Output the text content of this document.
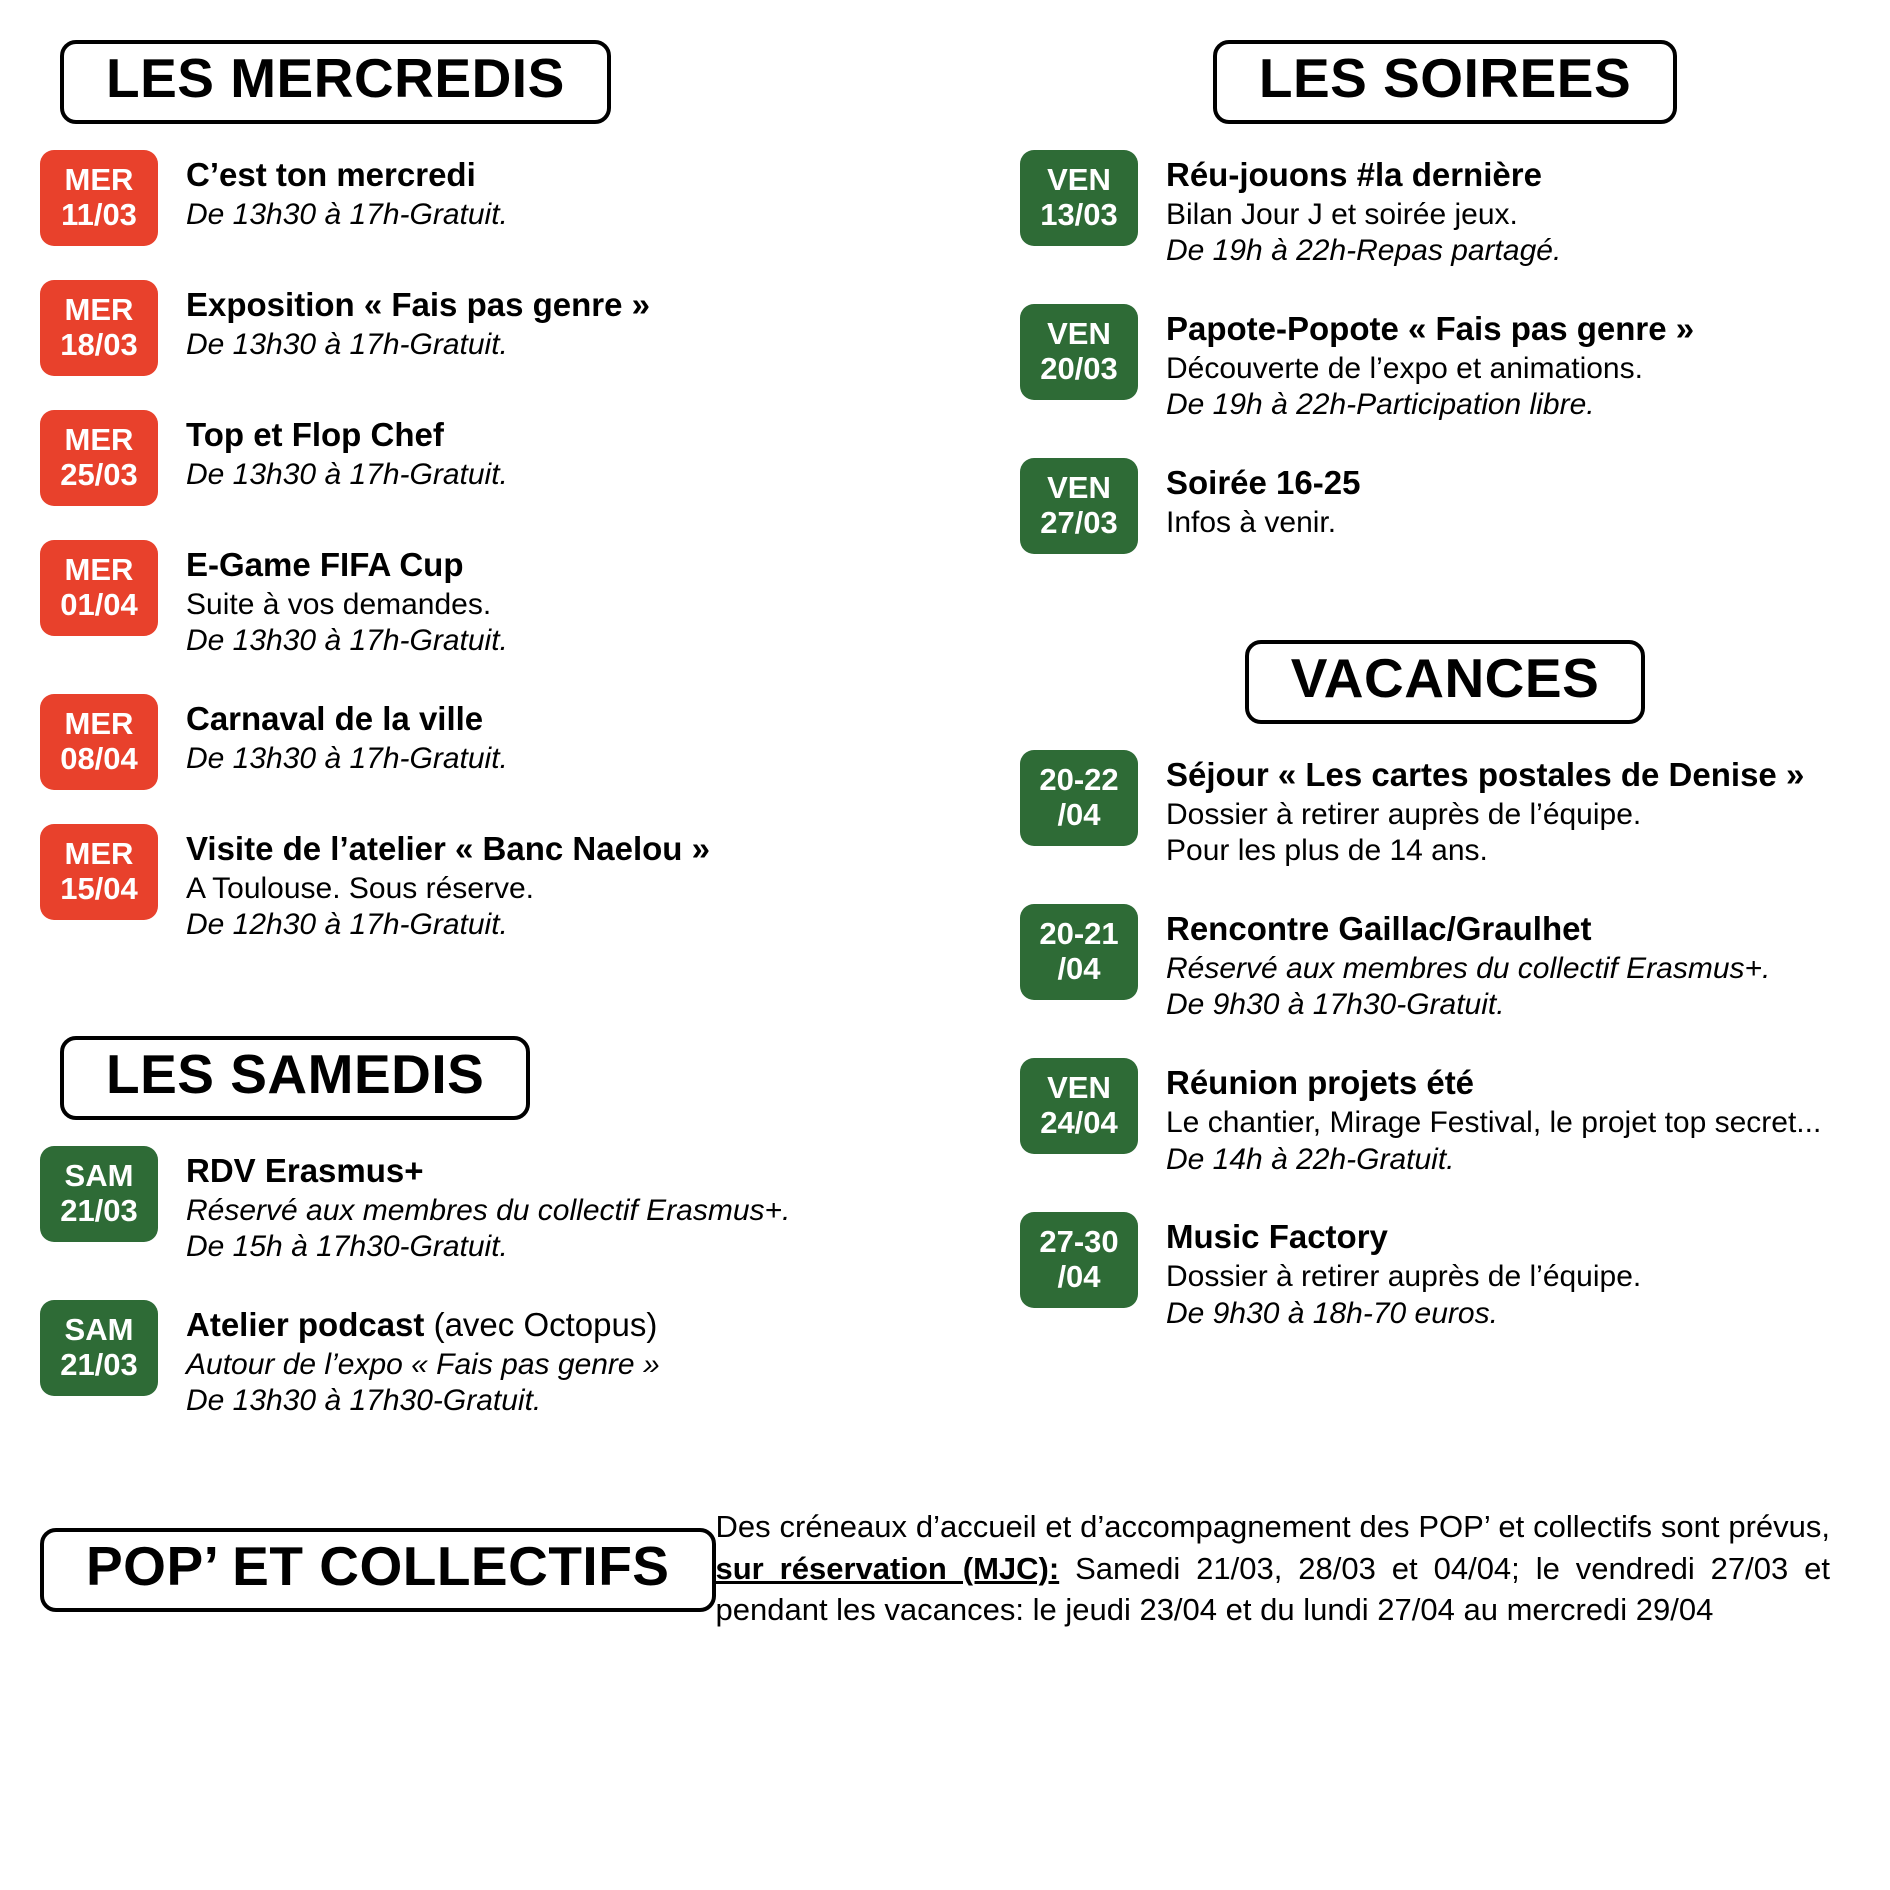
LES MERCREDIS
MER
11/03

C’est ton mercredi

De 13h30 à 17h-Gratuit.

MER
18/03

Exposition « Fais pas genre »

De 13h30 à 17h-Gratuit.

MER
25/03

Top et Flop Chef

De 13h30 à 17h-Gratuit.

MER
01/04

E-Game FIFA Cup

Suite à vos demandes.

De 13h30 à 17h-Gratuit.

MER
08/04

Carnaval de la ville

De 13h30 à 17h-Gratuit.

MER
15/04

Visite de l’atelier « Banc Naelou »

A Toulouse. Sous réserve.

De 12h30 à 17h-Gratuit.

LES SAMEDIS
SAM
21/03

RDV Erasmus+

Réservé aux membres du collectif Erasmus+.

De 15h à 17h30-Gratuit.

SAM
21/03

Atelier podcast (avec Octopus)

Autour de l’expo « Fais pas genre »

De 13h30 à 17h30-Gratuit.

LES SOIREES
VEN
13/03

Réu-jouons #la dernière

Bilan Jour J et soirée jeux.

De 19h à 22h-Repas partagé.

VEN
20/03

Papote-Popote « Fais pas genre »

Découverte de l’expo et animations.

De 19h à 22h-Participation libre.

VEN
27/03

Soirée 16-25

Infos à venir.

VACANCES
20-22
/04

Séjour « Les cartes postales de Denise »

Dossier à retirer auprès de l’équipe.

Pour les plus de 14 ans.

20-21
/04

Rencontre Gaillac/Graulhet

Réservé aux membres du collectif Erasmus+.

De 9h30 à 17h30-Gratuit.

VEN
24/04

Réunion projets été

Le chantier, Mirage Festival, le projet top secret...

De 14h à 22h-Gratuit.

27-30
/04

Music Factory

Dossier à retirer auprès de l’équipe.

De 9h30 à 18h-70 euros.

POP’ ET COLLECTIFS
Des créneaux d’accueil et d’accompagnement des POP’ et collectifs sont prévus, sur réservation (MJC): Samedi 21/03, 28/03 et 04/04; le vendredi 27/03 et pendant les vacances: le jeudi 23/04 et du lundi 27/04 au mercredi 29/04
